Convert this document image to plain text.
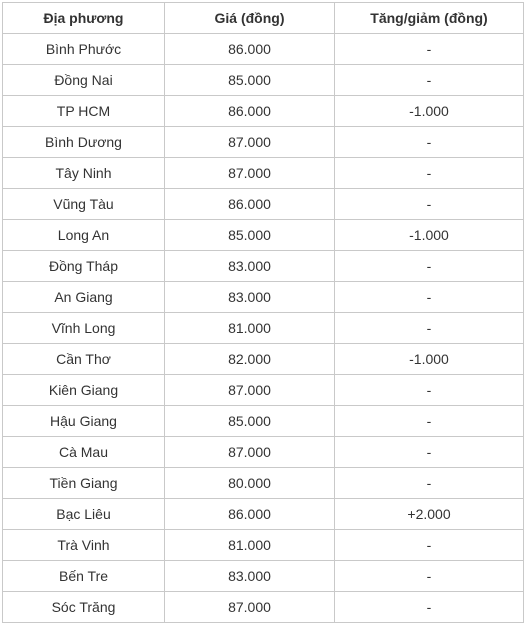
Địa phương	Giá (đồng)	Tăng/giảm (đồng)
Bình Phước	86.000	-
Đồng Nai	85.000	-
TP HCM	86.000	-1.000
Bình Dương	87.000	-
Tây Ninh	87.000	-
Vũng Tàu	86.000	-
Long An	85.000	-1.000
Đồng Tháp	83.000	-
An Giang	83.000	-
Vĩnh Long	81.000	-
Cần Thơ	82.000	-1.000
Kiên Giang	87.000	-
Hậu Giang	85.000	-
Cà Mau	87.000	-
Tiền Giang	80.000	-
Bạc Liêu	86.000	+2.000
Trà Vinh	81.000	-
Bến Tre	83.000	-
Sóc Trăng	87.000	-
